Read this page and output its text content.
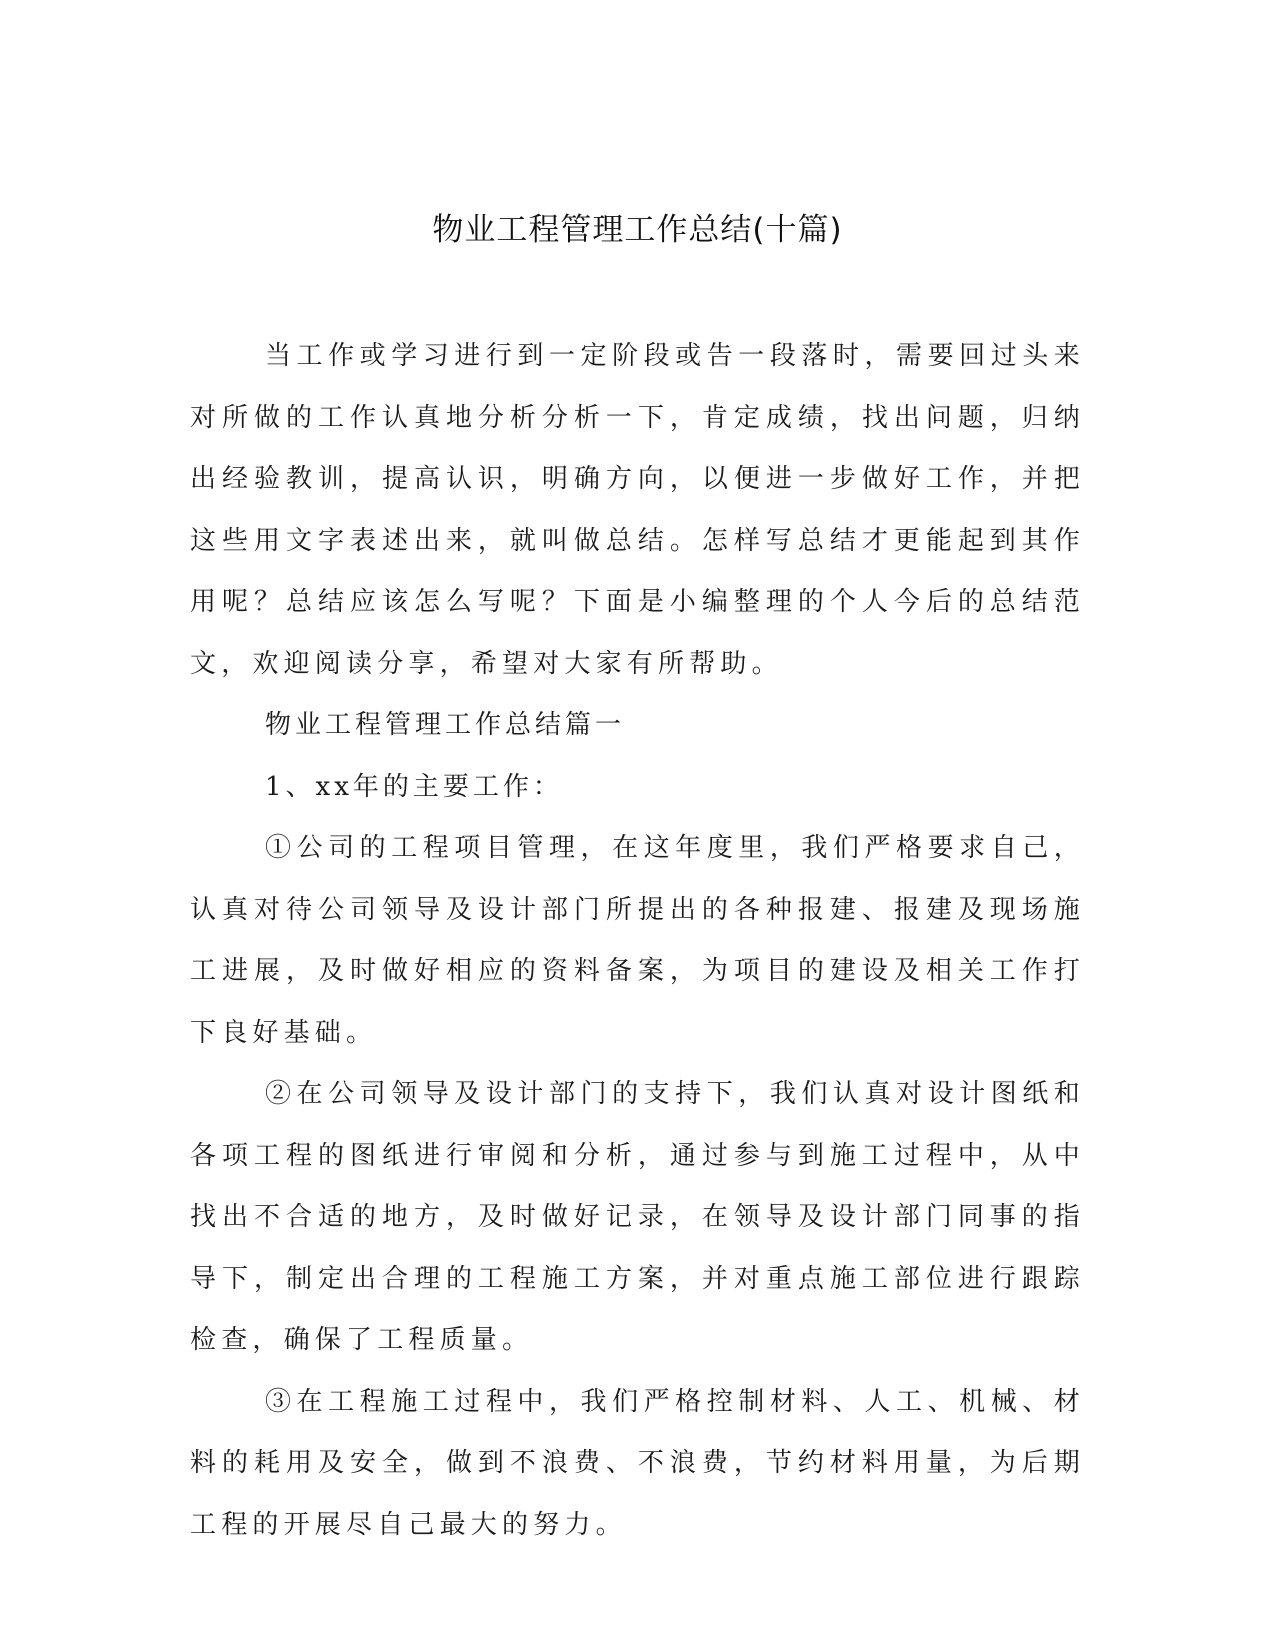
物业工程管理工作总结(十篇)

当工作或学习进行到一定阶段或告一段落时，需要回过头来对所做的工作认真地分析分析一下，肯定成绩，找出问题，归纳出经验教训，提高认识，明确方向，以便进一步做好工作，并把这些用文字表述出来，就叫做总结。怎样写总结才更能起到其作用呢？总结应该怎么写呢？下面是小编整理的个人今后的总结范文，欢迎阅读分享，希望对大家有所帮助。

物业工程管理工作总结篇一

1、xx年的主要工作：

①公司的工程项目管理，在这年度里，我们严格要求自己，认真对待公司领导及设计部门所提出的各种报建、报建及现场施工进展，及时做好相应的资料备案，为项目的建设及相关工作打下良好基础。

②在公司领导及设计部门的支持下，我们认真对设计图纸和各项工程的图纸进行审阅和分析，通过参与到施工过程中，从中找出不合适的地方，及时做好记录，在领导及设计部门同事的指导下，制定出合理的工程施工方案，并对重点施工部位进行跟踪检查，确保了工程质量。

③在工程施工过程中，我们严格控制材料、人工、机械、材料的耗用及安全，做到不浪费、不浪费，节约材料用量，为后期工程的开展尽自己最大的努力。
